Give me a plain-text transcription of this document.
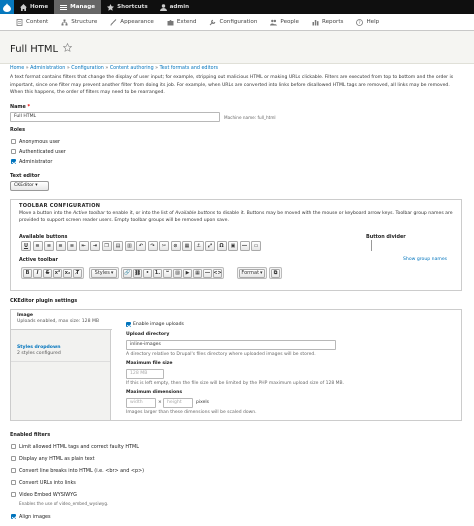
Home	Manage	Shortcuts	admin
Content	Structure	Appearance	Extend	Configuration	People	Reports	? Help
Full HTML
Home » Administration » Configuration » Content authoring » Text formats and editors
A text format contains filters that change the display of user input; for example, stripping out malicious HTML or making URLs clickable. Filters are executed from top to bottom and the order is important, since one filter may prevent another filter from doing its job. For example, when URLs are converted into links before disallowed HTML tags are removed, all links may be removed. When this happens, the order of filters may need to be rearranged.
Name *
Full HTML	Machine name: full_html
Roles
Anonymous user
Authenticated user
Administrator
Text editor
CKEditor ▾
TOOLBAR CONFIGURATION
Move a button into the Active toolbar to enable it, or into the list of Available buttons to disable it. Buttons may be moved with the mouse or keyboard arrow keys. Toolbar group names are provided to support screen reader users. Empty toolbar groups will be removed upon save.
Available buttons	Button divider
U	≡	≡	≡	≡	⇤	⇥	❐	▤	▥	↶	↷	✂	⊘	▦	⚓	⤢	Ω	▣	―	▭
Active toolbar	Show group names
B	I S	x² x₂	T̸	Styles ▾ 🔗 ⛓	•	1.	❝	▨	▶	▦	― <>	Format ▾	⧉
CKEditor plugin settings
Image
Uploads enabled, max size: 128 MB
Styles dropdown
2 styles configured
Enable image uploads
Upload directory
inline-images
A directory relative to Drupal's files directory where uploaded images will be stored.
Maximum file size
128 MB
If this is left empty, then the file size will be limited by the PHP maximum upload size of 128 MB.
Maximum dimensions
width	×	height	pixels
Images larger than these dimensions will be scaled down.
Enabled filters
Limit allowed HTML tags and correct faulty HTML
Display any HTML as plain text
Convert line breaks into HTML (i.e. <br> and <p>)
Convert URLs into links
Video Embed WYSIWYG
Enables the use of video_embed_wysiwyg.
Align images
